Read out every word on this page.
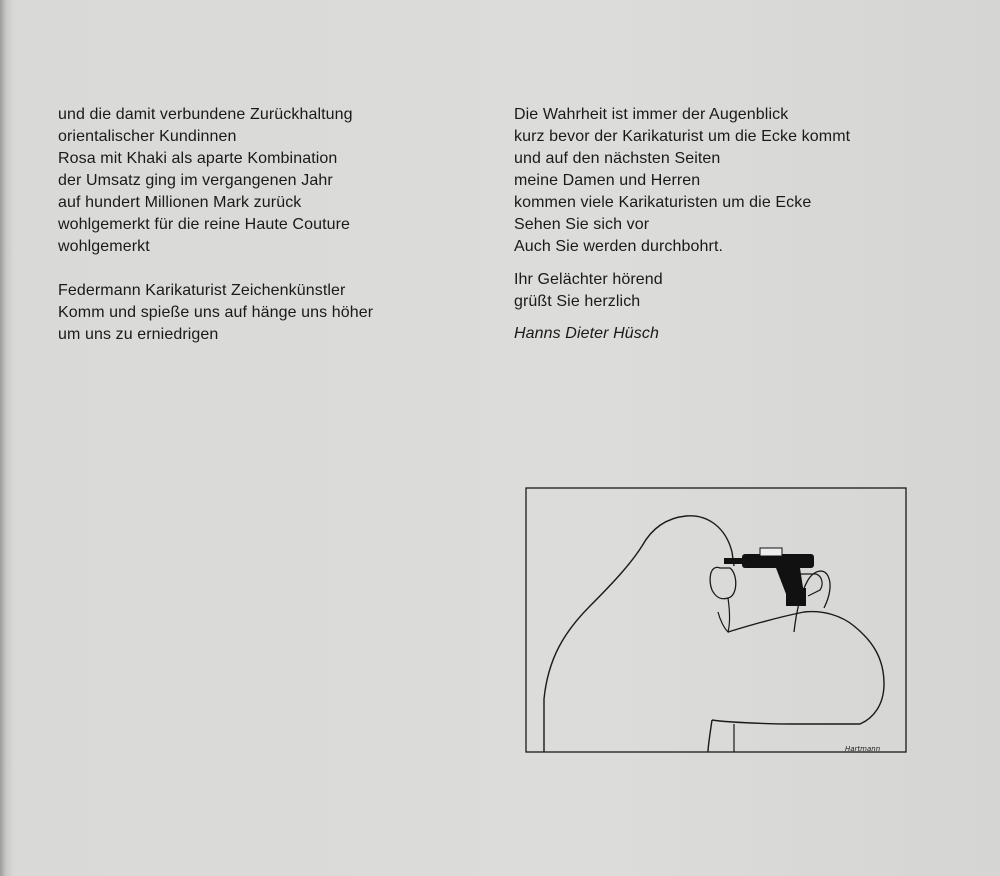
und die damit verbundene Zurückhaltung
orientalischer Kundinnen
Rosa mit Khaki als aparte Kombination
der Umsatz ging im vergangenen Jahr
auf hundert Millionen Mark zurück
wohlgemerkt für die reine Haute Couture
wohlgemerkt
Federmann Karikaturist Zeichenkünstler
Komm und spieße uns auf hänge uns höher
um uns zu erniedrigen
Die Wahrheit ist immer der Augenblick
kurz bevor der Karikaturist um die Ecke kommt
und auf den nächsten Seiten
meine Damen und Herren
kommen viele Karikaturisten um die Ecke
Sehen Sie sich vor
Auch Sie werden durchbohrt.
Ihr Gelächter hörend
grüßt Sie herzlich
Hanns Dieter Hüsch
Hartmann
